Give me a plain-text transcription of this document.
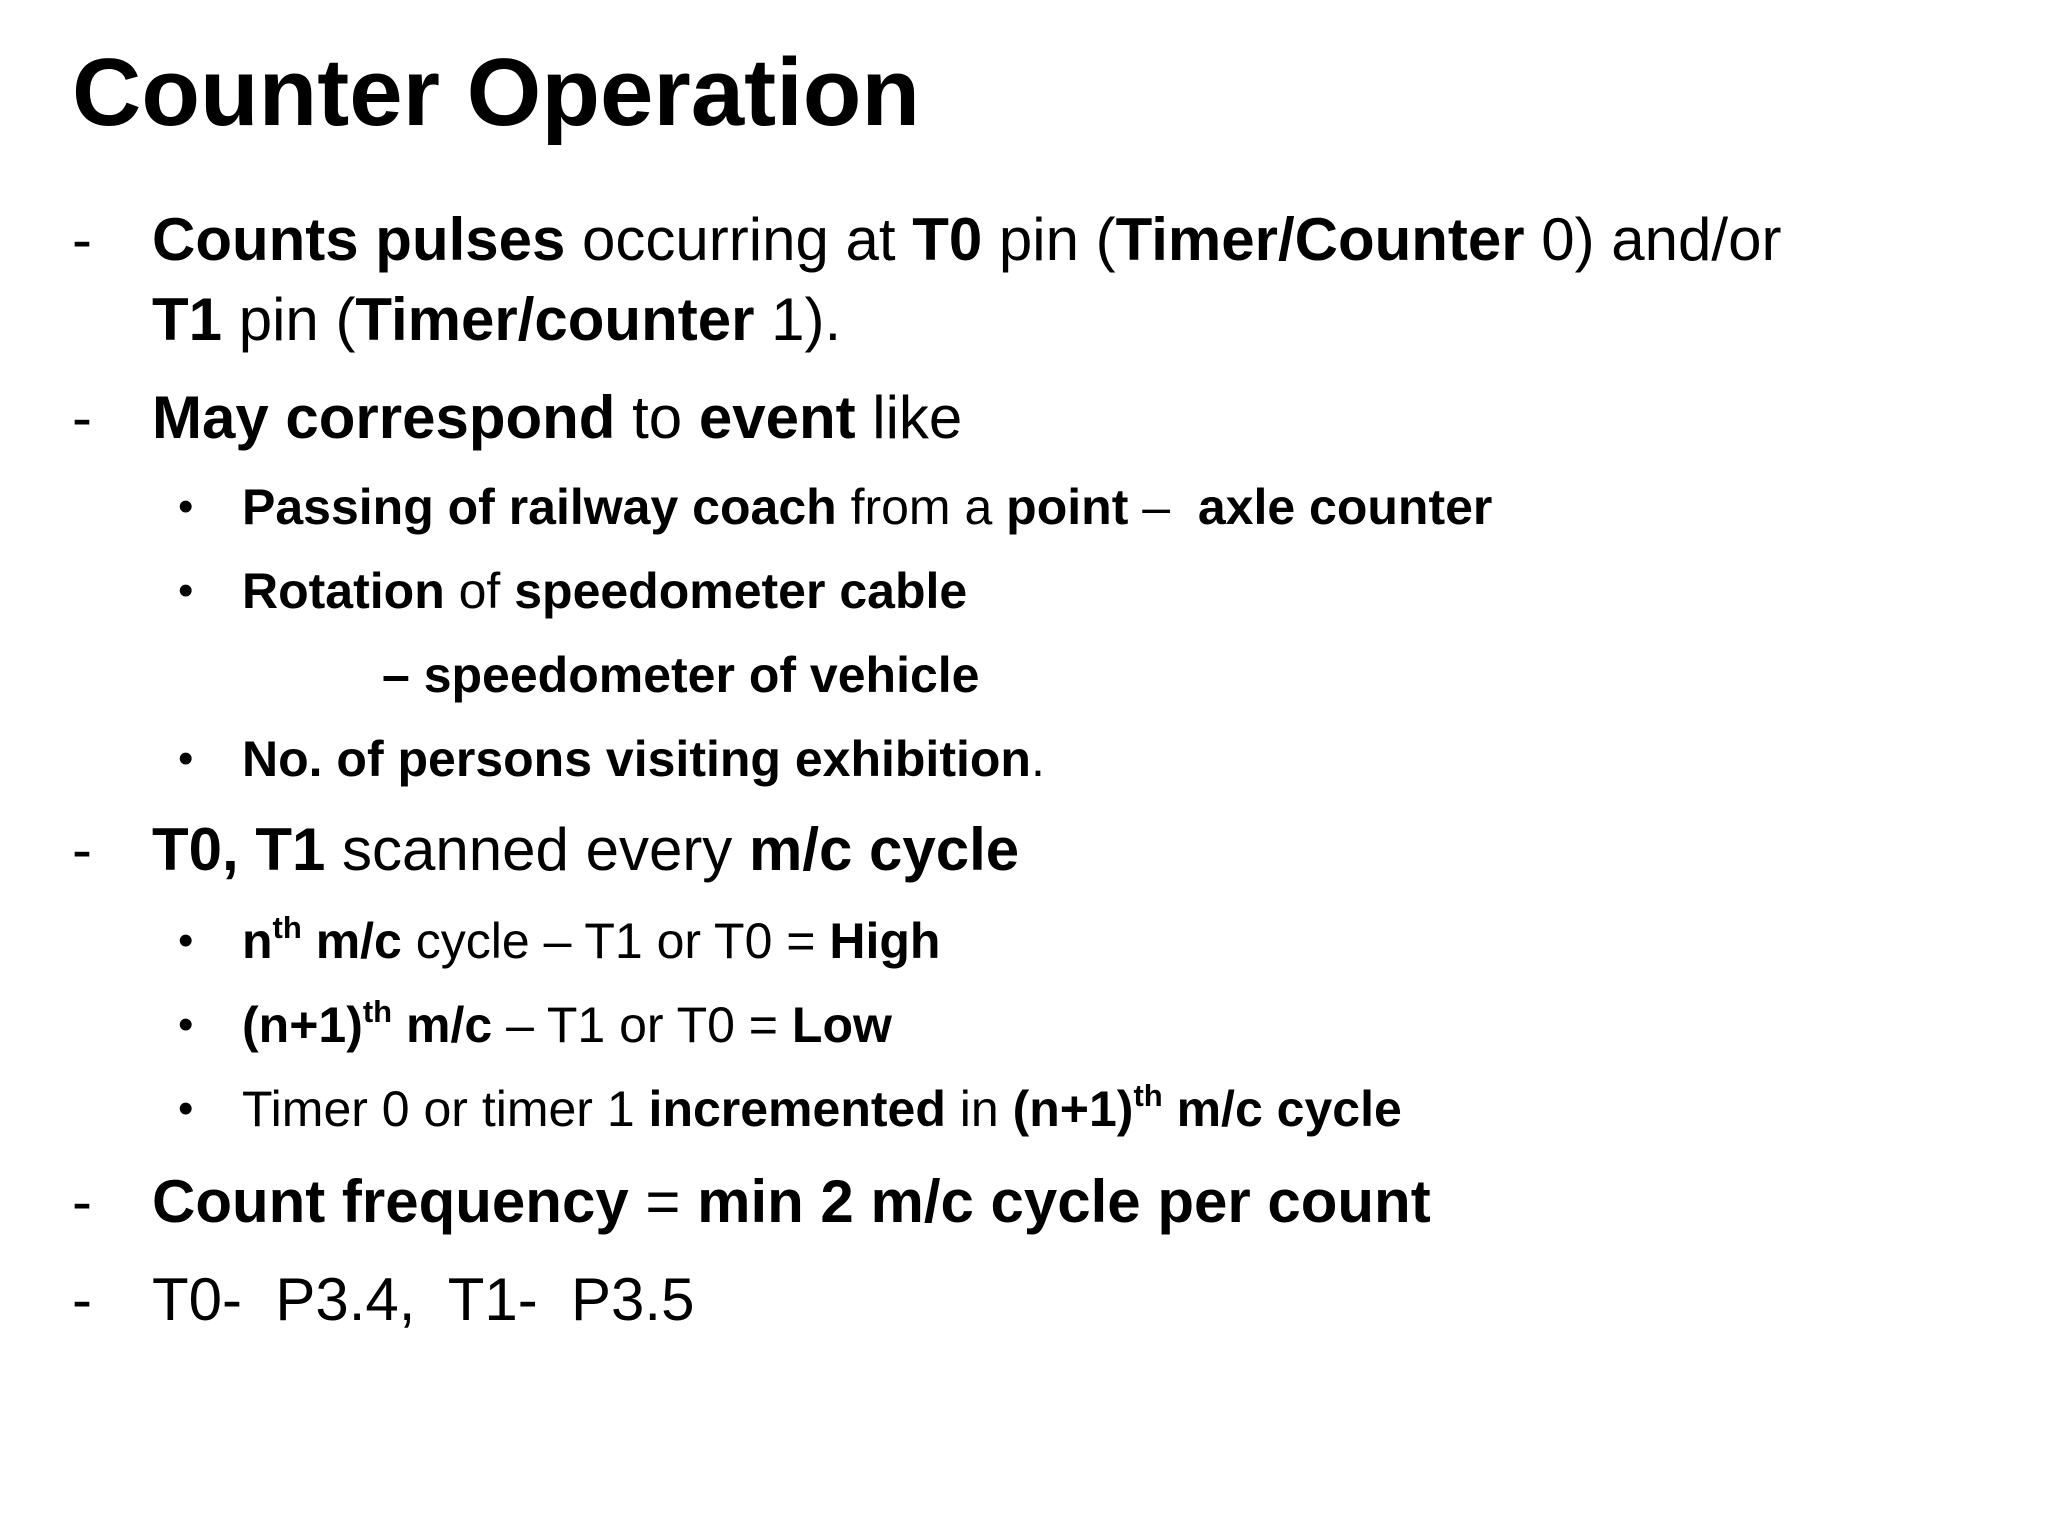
Counter Operation
- Counts pulses occurring at T0 pin (Timer/Counter 0) and/or
T1 pin (Timer/counter 1).
- May correspond to event like
• Passing of railway coach from a point –  axle counter
• Rotation of speedometer cable
– speedometer of vehicle
• No. of persons visiting exhibition.
- T0, T1 scanned every m/c cycle
• $n^{th}$ m/c cycle – T1 or T0 = High
• $(n+1)^{th}$ m/c – T1 or T0 = Low
• Timer 0 or timer 1 incremented in $(n+1)^{th}$ m/c cycle
- Count frequency = min 2 m/c cycle per count
- T0-  P3.4,  T1-  P3.5
